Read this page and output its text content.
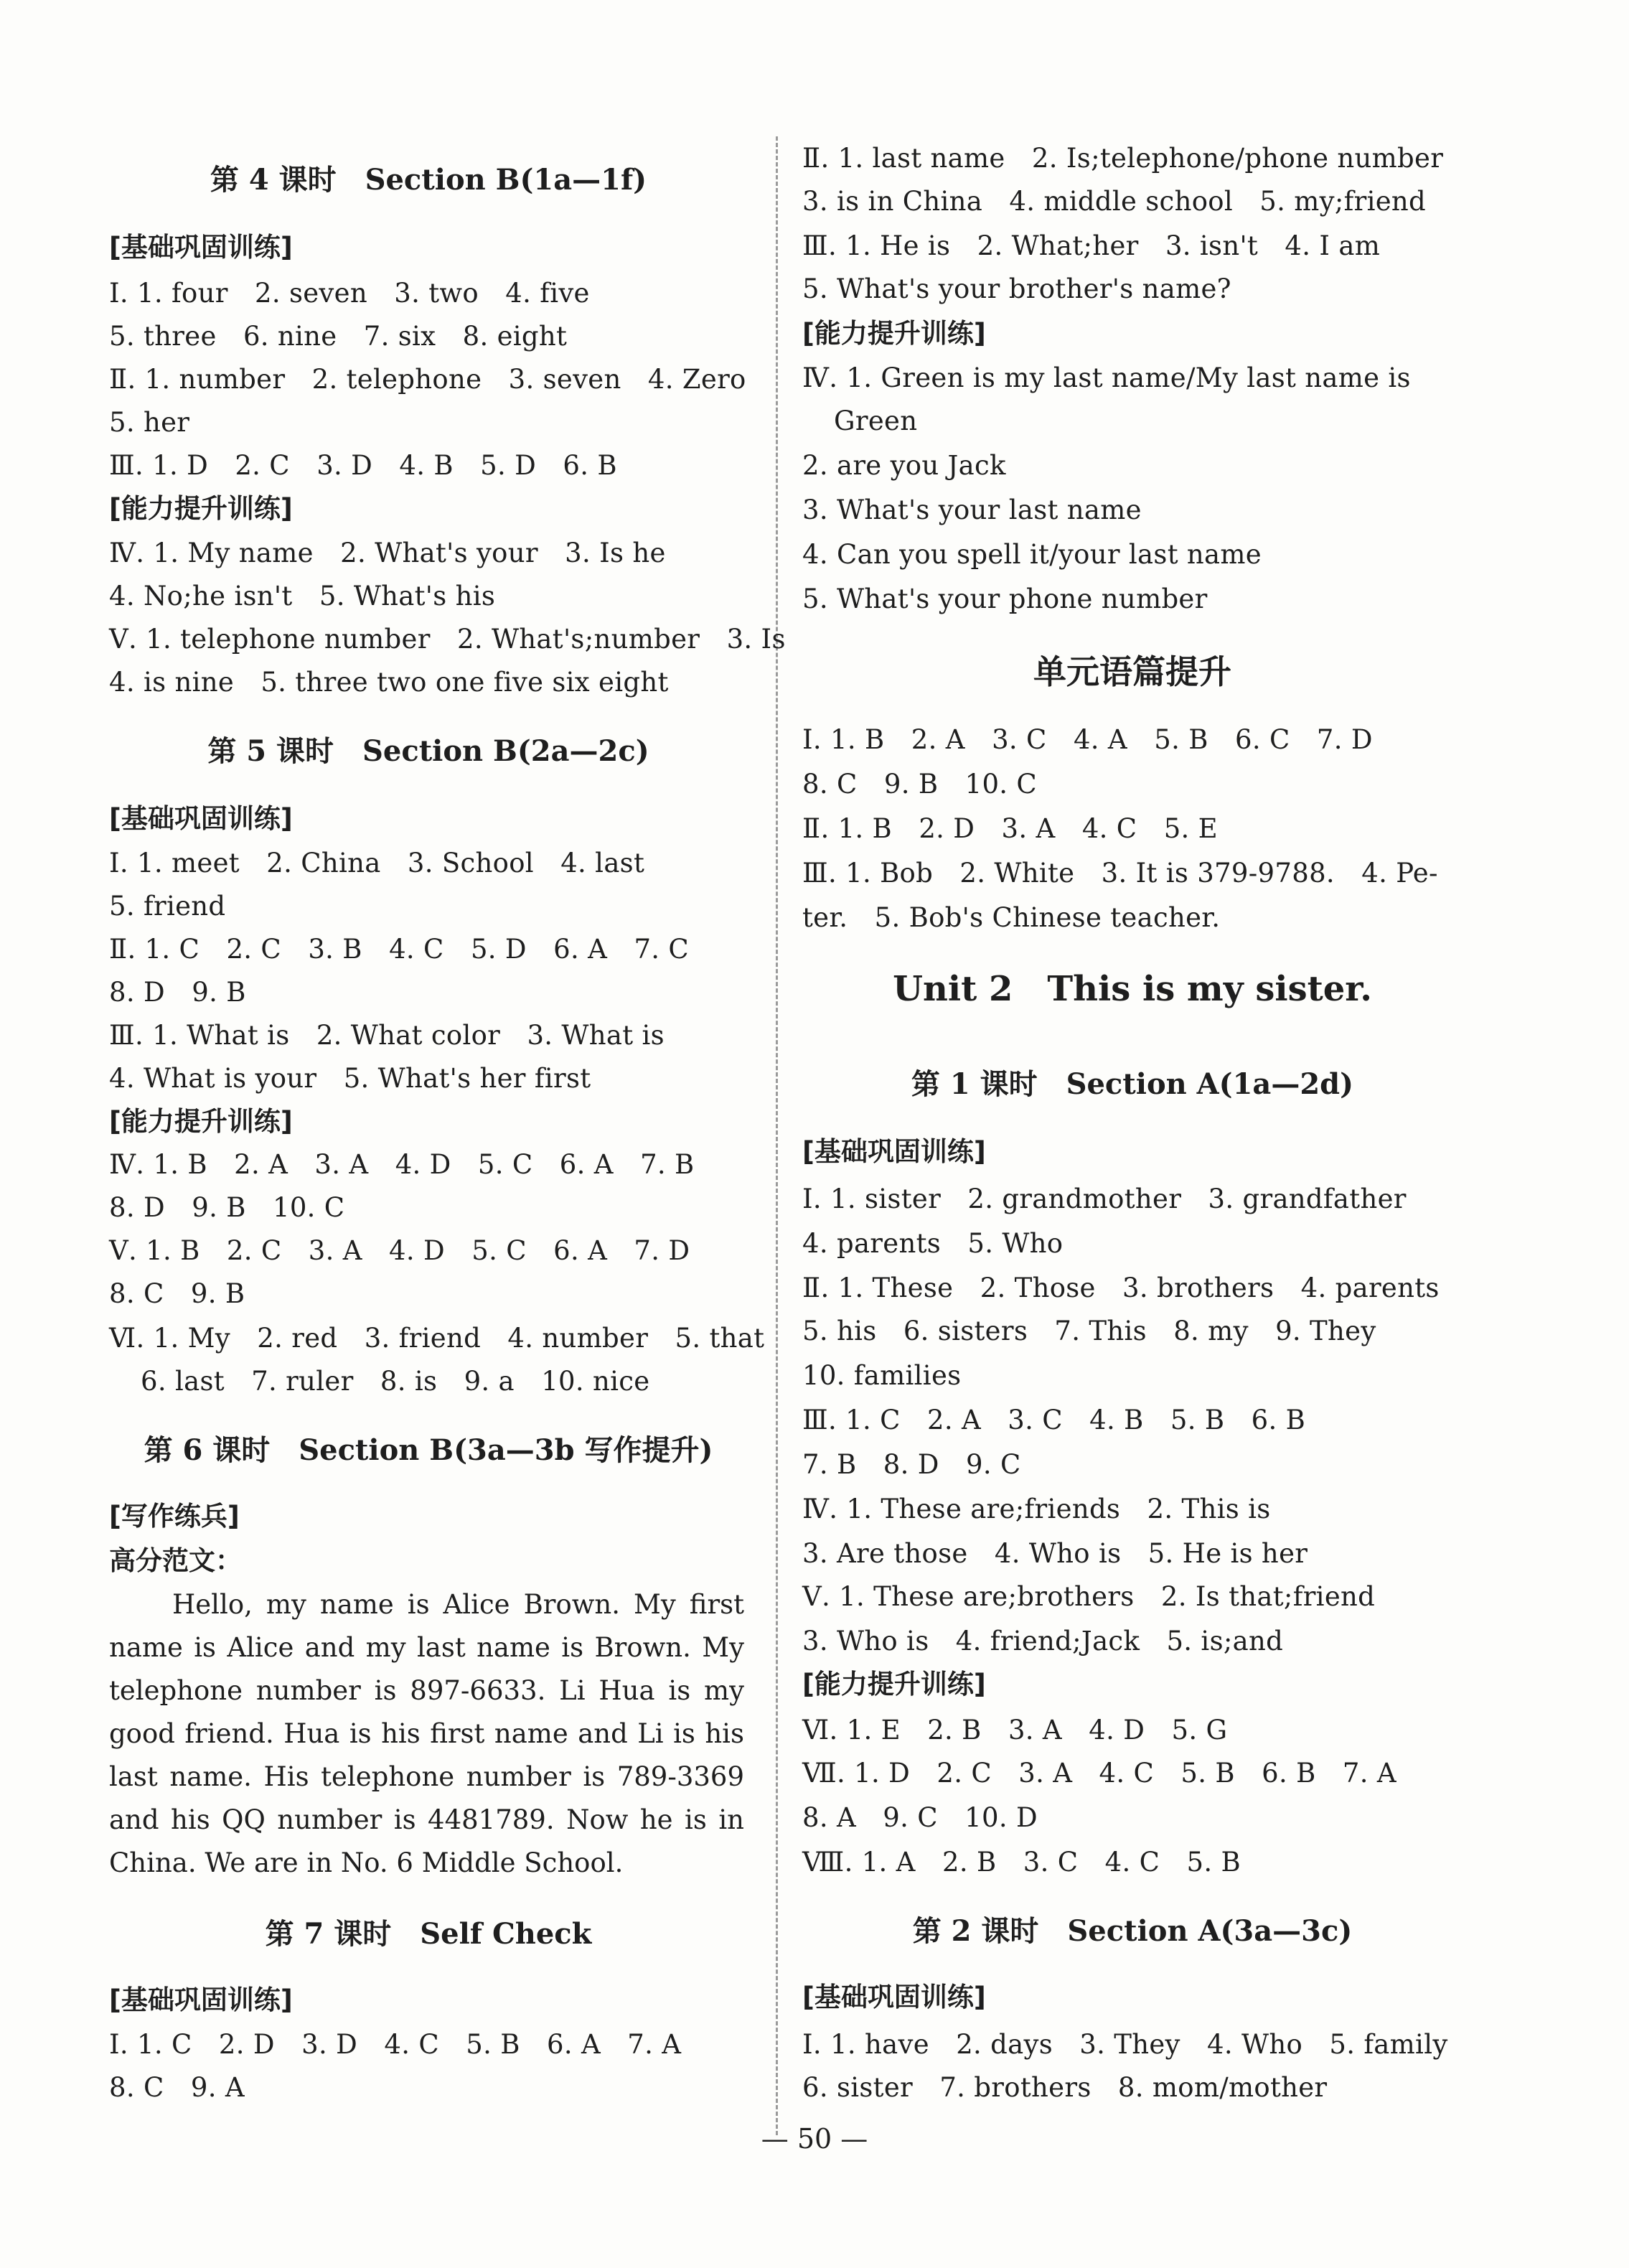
第 4 课时　Section B(1a—1f)
[基础巩固训练]
Ⅰ. 1. four　2. seven　3. two　4. five
5. three　6. nine　7. six　8. eight
Ⅱ. 1. number　2. telephone　3. seven　4. Zero
5. her
Ⅲ. 1. D　2. C　3. D　4. B　5. D　6. B
[能力提升训练]
Ⅳ. 1. My name　2. What's your　3. Is he
4. No;he isn't　5. What's his
Ⅴ. 1. telephone number　2. What's;number　3. Is
4. is nine　5. three two one five six eight
第 5 课时　Section B(2a—2c)
[基础巩固训练]
Ⅰ. 1. meet　2. China　3. School　4. last
5. friend
Ⅱ. 1. C　2. C　3. B　4. C　5. D　6. A　7. C
8. D　9. B
Ⅲ. 1. What is　2. What color　3. What is
4. What is your　5. What's her first
[能力提升训练]
Ⅳ. 1. B　2. A　3. A　4. D　5. C　6. A　7. B
8. D　9. B　10. C
Ⅴ. 1. B　2. C　3. A　4. D　5. C　6. A　7. D
8. C　9. B
Ⅵ. 1. My　2. red　3. friend　4. number　5. that
6. last　7. ruler　8. is　9. a　10. nice
第 6 课时　Section B(3a—3b 写作提升)
[写作练兵]
高分范文：
Hello, my name is Alice Brown. My first name is Alice and my last name is Brown. My telephone number is 897-6633. Li Hua is my good friend. Hua is his first name and Li is his last name. His telephone number is 789-3369 and his QQ number is 4481789. Now he is in China. We are in No. 6 Middle School.
第 7 课时　Self Check
[基础巩固训练]
Ⅰ. 1. C　2. D　3. D　4. C　5. B　6. A　7. A
8. C　9. A
Ⅱ. 1. last name　2. Is;telephone/phone number
3. is in China　4. middle school　5. my;friend
Ⅲ. 1. He is　2. What;her　3. isn't　4. I am
5. What's your brother's name?
[能力提升训练]
Ⅳ. 1. Green is my last name/My last name is
Green
2. are you Jack
3. What's your last name
4. Can you spell it/your last name
5. What's your phone number
单元语篇提升
Ⅰ. 1. B　2. A　3. C　4. A　5. B　6. C　7. D
8. C　9. B　10. C
Ⅱ. 1. B　2. D　3. A　4. C　5. E
Ⅲ. 1. Bob　2. White　3. It is 379-9788.　4. Pe-
ter.　5. Bob's Chinese teacher.
Unit 2　This is my sister.
第 1 课时　Section A(1a—2d)
[基础巩固训练]
Ⅰ. 1. sister　2. grandmother　3. grandfather
4. parents　5. Who
Ⅱ. 1. These　2. Those　3. brothers　4. parents
5. his　6. sisters　7. This　8. my　9. They
10. families
Ⅲ. 1. C　2. A　3. C　4. B　5. B　6. B
7. B　8. D　9. C
Ⅳ. 1. These are;friends　2. This is
3. Are those　4. Who is　5. He is her
Ⅴ. 1. These are;brothers　2. Is that;friend
3. Who is　4. friend;Jack　5. is;and
[能力提升训练]
Ⅵ. 1. E　2. B　3. A　4. D　5. G
Ⅶ. 1. D　2. C　3. A　4. C　5. B　6. B　7. A
8. A　9. C　10. D
Ⅷ. 1. A　2. B　3. C　4. C　5. B
第 2 课时　Section A(3a—3c)
[基础巩固训练]
Ⅰ. 1. have　2. days　3. They　4. Who　5. family
6. sister　7. brothers　8. mom/mother
— 50 —
